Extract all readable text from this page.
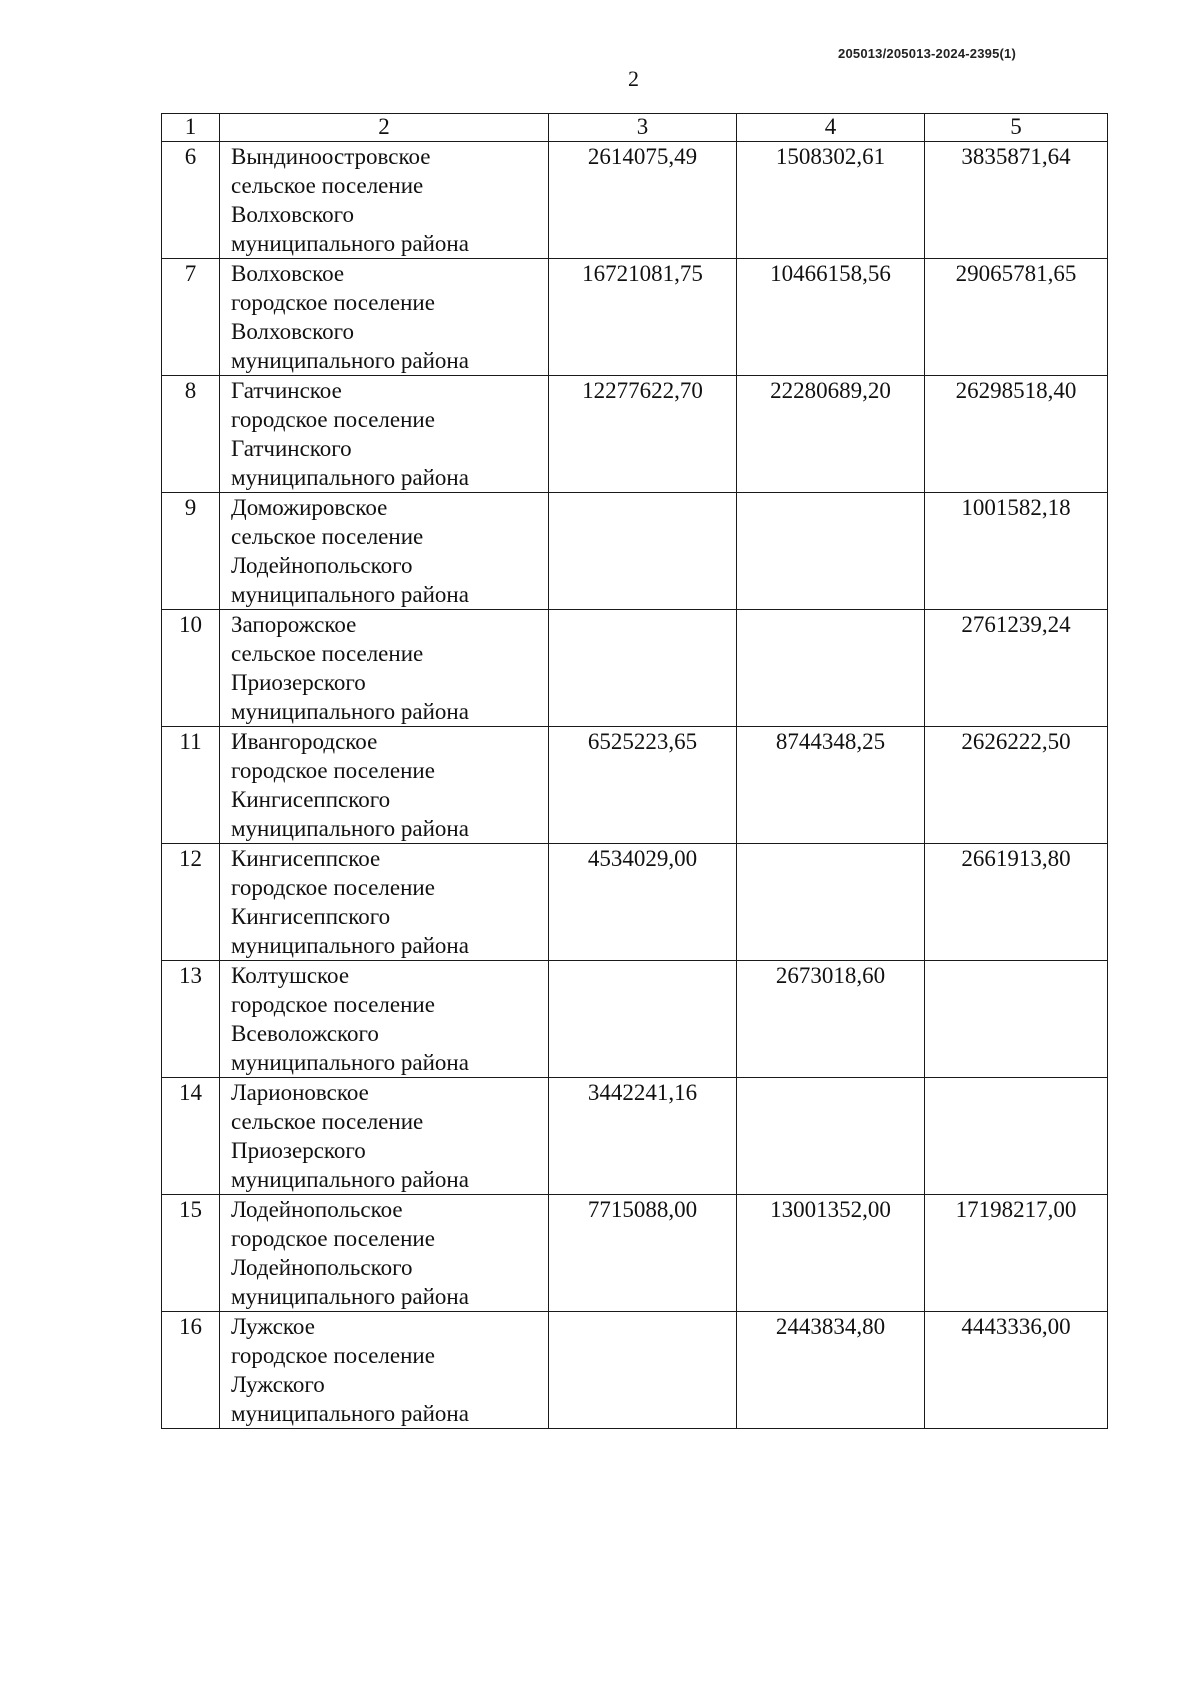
205013/205013-2024-2395(1)
2
1	2	3	4	5
6	Вындиноостровское
сельское поселение
Волховского
муниципального района	2614075,49	1508302,61	3835871,64
7	Волховское
городское поселение
Волховского
муниципального района	16721081,75	10466158,56	29065781,65
8	Гатчинское
городское поселение
Гатчинского
муниципального района	12277622,70	22280689,20	26298518,40
9	Доможировское
сельское поселение
Лодейнопольского
муниципального района			1001582,18
10	Запорожское
сельское поселение
Приозерского
муниципального района			2761239,24
11	Ивангородское
городское поселение
Кингисеппского
муниципального района	6525223,65	8744348,25	2626222,50
12	Кингисеппское
городское поселение
Кингисеппского
муниципального района	4534029,00		2661913,80
13	Колтушское
городское поселение
Всеволожского
муниципального района		2673018,60	
14	Ларионовское
сельское поселение
Приозерского
муниципального района	3442241,16		
15	Лодейнопольское
городское поселение
Лодейнопольского
муниципального района	7715088,00	13001352,00	17198217,00
16	Лужское
городское поселение
Лужского
муниципального района		2443834,80	4443336,00
